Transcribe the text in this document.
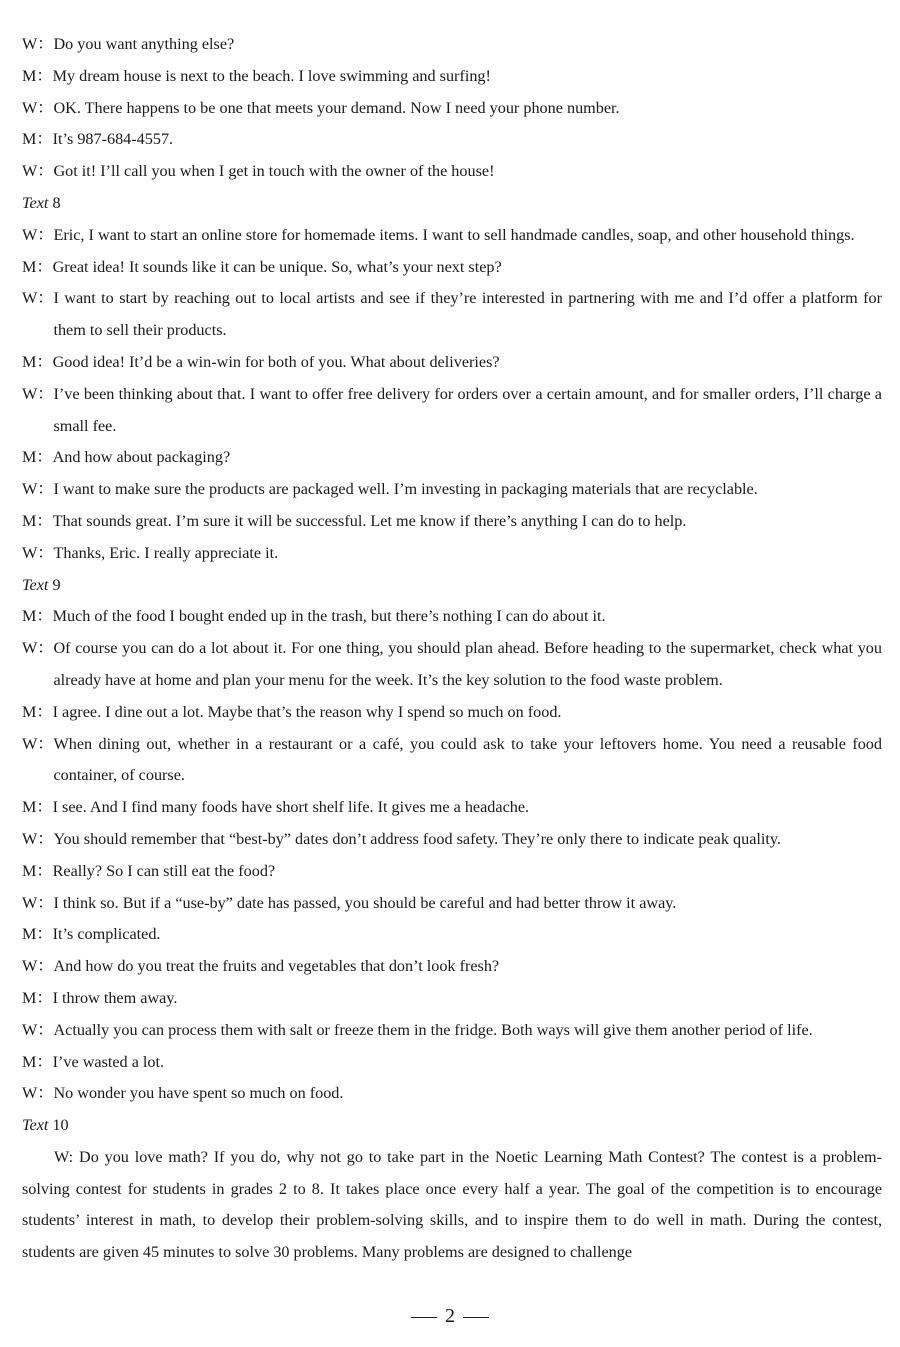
W： Do you want anything else?
M： My dream house is next to the beach. I love swimming and surfing!
W： OK. There happens to be one that meets your demand. Now I need your phone number.
M： It’s 987-684-4557.
W： Got it! I’ll call you when I get in touch with the owner of the house!
Text 8
W： Eric, I want to start an online store for homemade items. I want to sell handmade candles, soap, and other household things.
M： Great idea! It sounds like it can be unique. So, what’s your next step?
W： I want to start by reaching out to local artists and see if they’re interested in partnering with me and I’d offer a platform for them to sell their products.
M： Good idea! It’d be a win-win for both of you. What about deliveries?
W： I’ve been thinking about that. I want to offer free delivery for orders over a certain amount, and for smaller orders, I’ll charge a small fee.
M： And how about packaging?
W： I want to make sure the products are packaged well. I’m investing in packaging materials that are recyclable.
M： That sounds great. I’m sure it will be successful. Let me know if there’s anything I can do to help.
W： Thanks, Eric. I really appreciate it.
Text 9
M： Much of the food I bought ended up in the trash, but there’s nothing I can do about it.
W： Of course you can do a lot about it. For one thing, you should plan ahead. Before heading to the supermarket, check what you already have at home and plan your menu for the week. It’s the key solution to the food waste problem.
M： I agree. I dine out a lot. Maybe that’s the reason why I spend so much on food.
W： When dining out, whether in a restaurant or a café, you could ask to take your leftovers home. You need a reusable food container, of course.
M： I see. And I find many foods have short shelf life. It gives me a headache.
W： You should remember that “best-by” dates don’t address food safety. They’re only there to indicate peak quality.
M： Really? So I can still eat the food?
W： I think so. But if a “use-by” date has passed, you should be careful and had better throw it away.
M： It’s complicated.
W： And how do you treat the fruits and vegetables that don’t look fresh?
M： I throw them away.
W： Actually you can process them with salt or freeze them in the fridge. Both ways will give them another period of life.
M： I’ve wasted a lot.
W： No wonder you have spent so much on food.
Text 10

W: Do you love math? If you do, why not go to take part in the Noetic Learning Math Contest? The contest is a problem-solving contest for students in grades 2 to 8. It takes place once every half a year. The goal of the competition is to encourage students’ interest in math, to develop their problem-solving skills, and to inspire them to do well in math. During the contest, students are given 45 minutes to solve 30 problems. Many problems are designed to challenge

2
